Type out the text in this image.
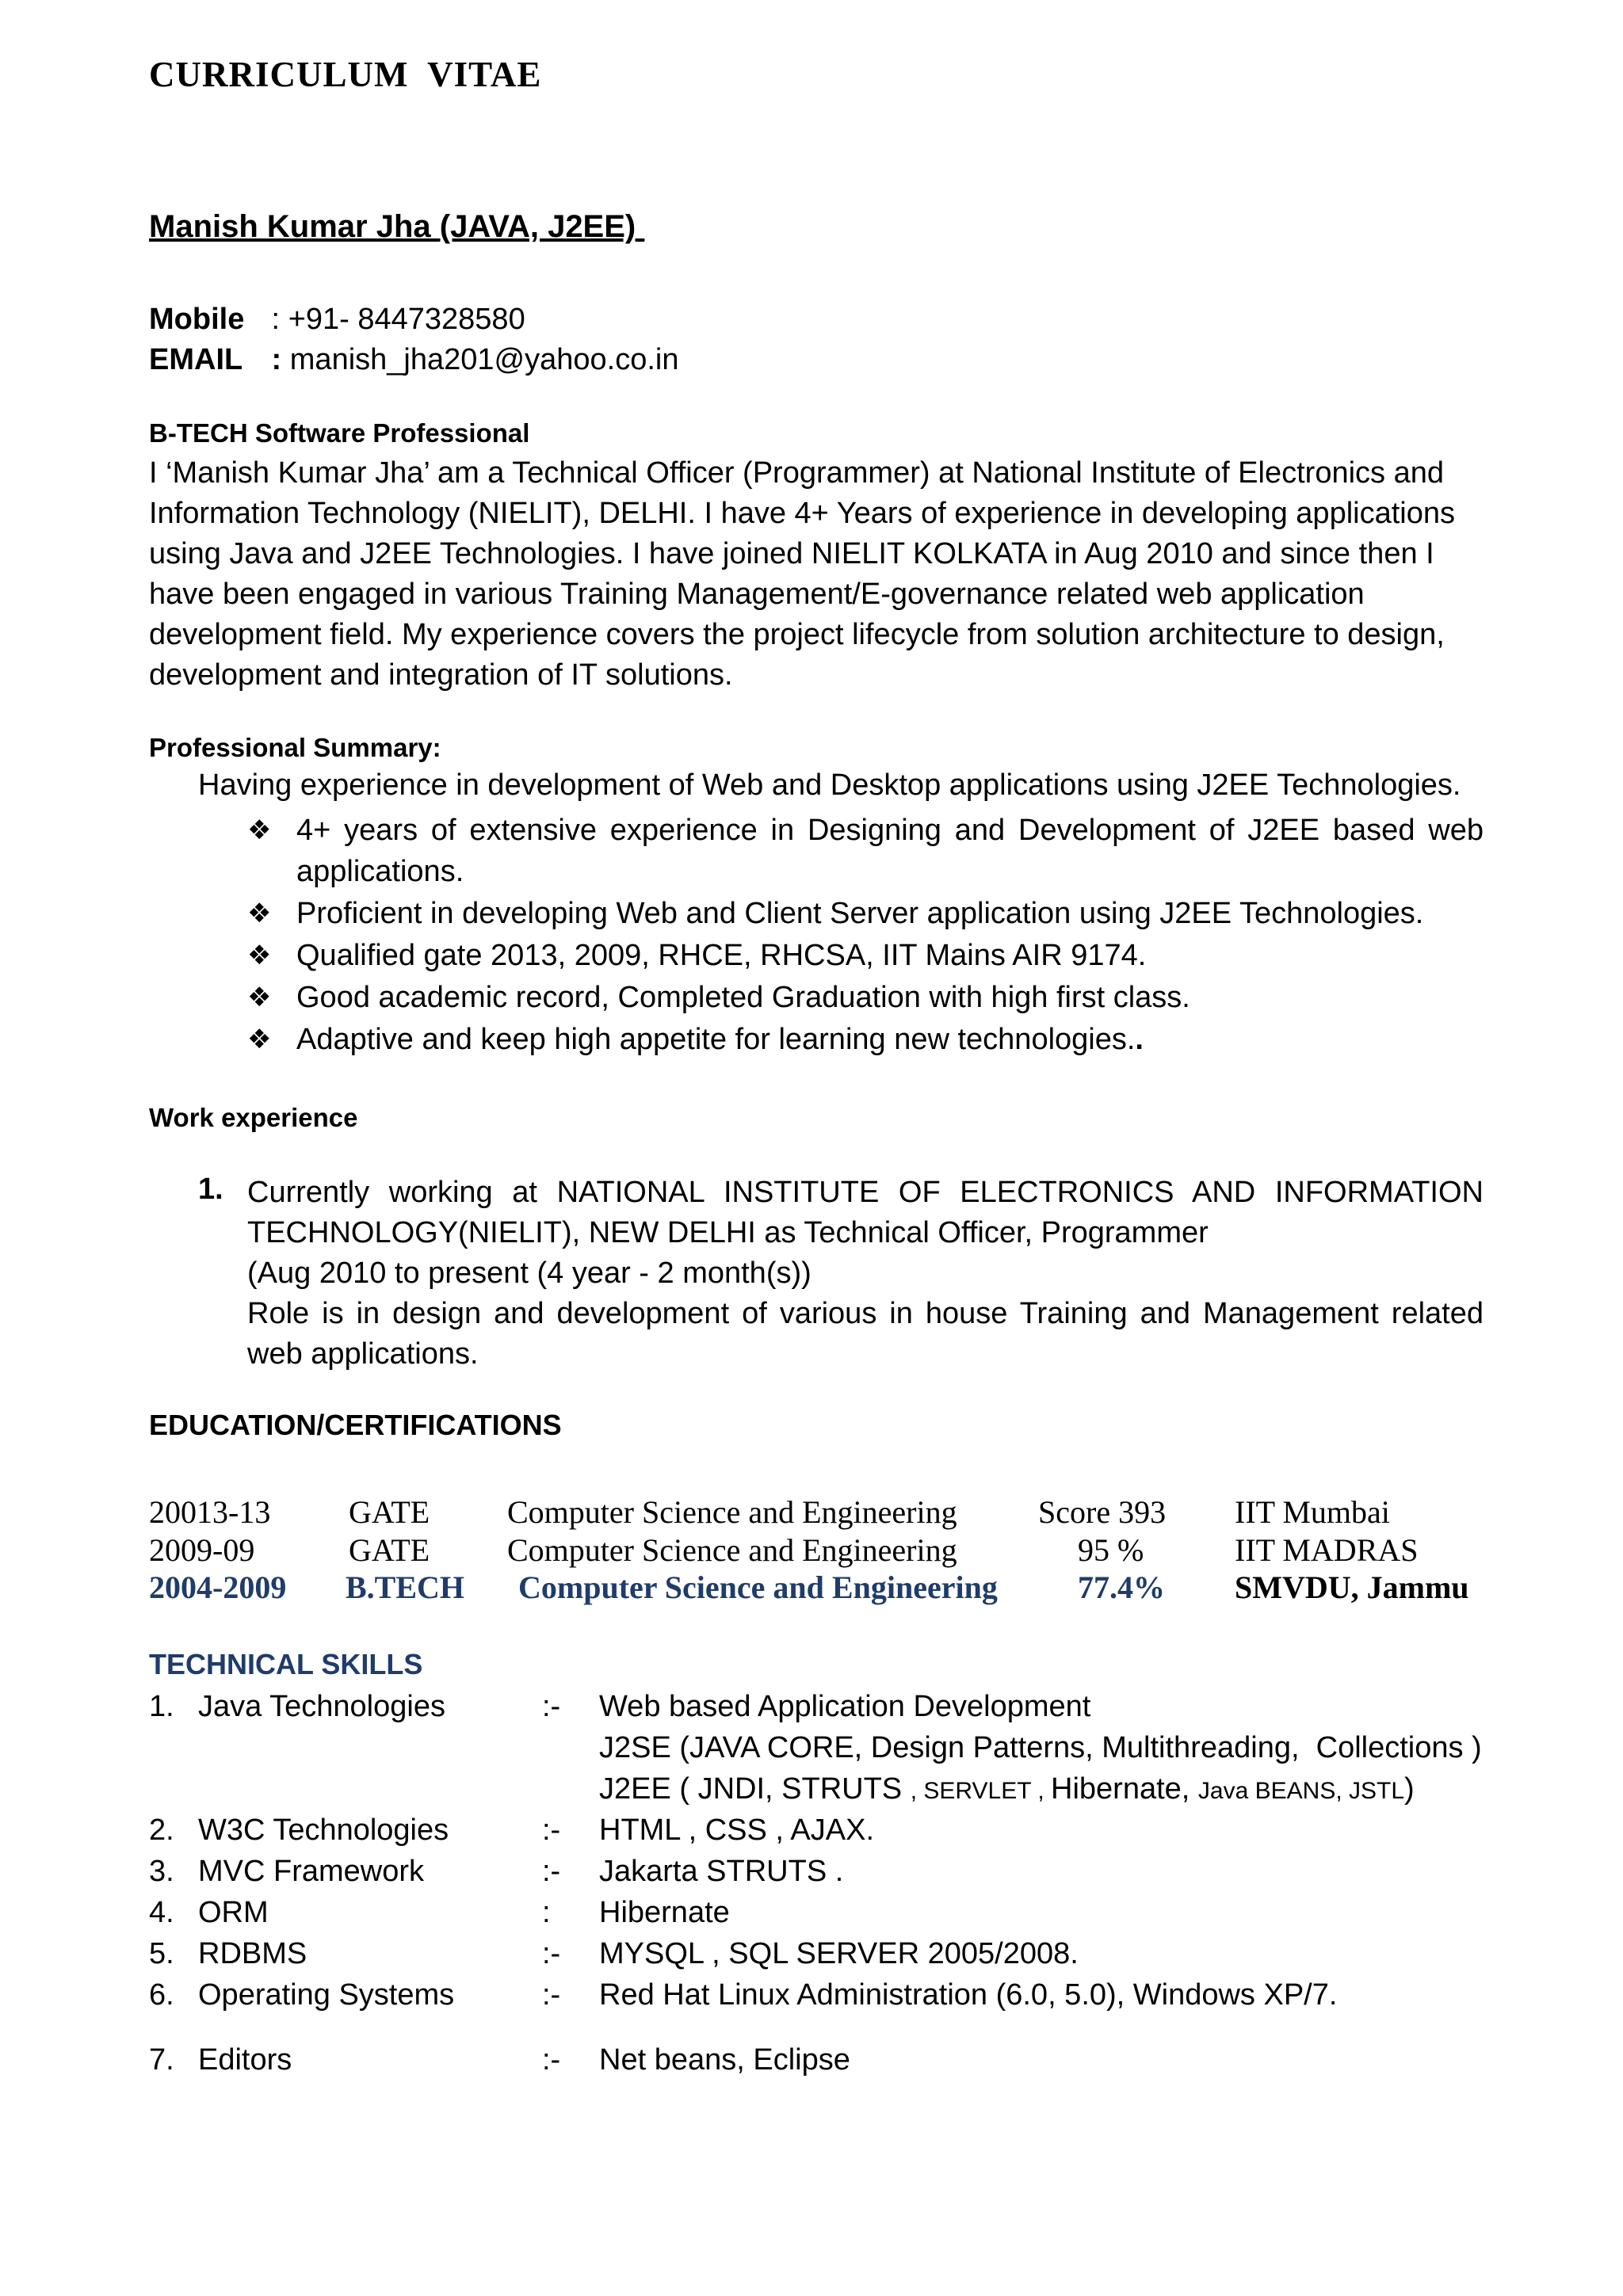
CURRICULUM  VITAE
Manish Kumar Jha (JAVA, J2EE)
Mobile : +91- 8447328580
EMAIL : manish_jha201@yahoo.co.in
B-TECH Software Professional
I ‘Manish Kumar Jha’ am a Technical Officer (Programmer) at National Institute of Electronics and Information Technology (NIELIT), DELHI. I have 4+ Years of experience in developing applications using Java and J2EE Technologies. I have joined NIELIT KOLKATA in Aug 2010 and since then I have been engaged in various Training Management/E-governance related web application development field. My experience covers the project lifecycle from solution architecture to design, development and integration of IT solutions.
Professional Summary:
Having experience in development of Web and Desktop applications using J2EE Technologies.
❖ 4+ years of extensive experience in Designing and Development of J2EE based web applications.
❖ Proficient in developing Web and Client Server application using J2EE Technologies.
❖ Qualified gate 2013, 2009, RHCE, RHCSA, IIT Mains AIR 9174.
❖ Good academic record, Completed Graduation with high first class.
❖ Adaptive and keep high appetite for learning new technologies..
Work experience
1. Currently working at NATIONAL INSTITUTE OF ELECTRONICS AND INFORMATION
TECHNOLOGY(NIELIT), NEW DELHI as Technical Officer, Programmer
(Aug 2010 to present (4 year - 2 month(s))
Role is in design and development of various in house Training and Management related web applications.
EDUCATION/CERTIFICATIONS
20013-13 GATE Computer Science and Engineering	Score 393 IIT Mumbai
2009-09	GATE Computer Science and Engineering	95 %	IIT MADRAS
2004-2009 B.TECH Computer Science and Engineering	77.4% SMVDU, Jammu
TECHNICAL SKILLS
1. Java Technologies	:- Web based Application Development
J2SE (JAVA CORE, Design Patterns, Multithreading,  Collections )
J2EE ( JNDI, STRUTS , SERVLET , Hibernate, Java BEANS, JSTL)
2. W3C Technologies	:- HTML , CSS , AJAX.
3. MVC Framework	:- Jakarta STRUTS .
4. ORM	: Hibernate
5. RDBMS	:- MYSQL , SQL SERVER 2005/2008.
6. Operating Systems	:- Red Hat Linux Administration (6.0, 5.0), Windows XP/7.
7. Editors	:- Net beans, Eclipse
